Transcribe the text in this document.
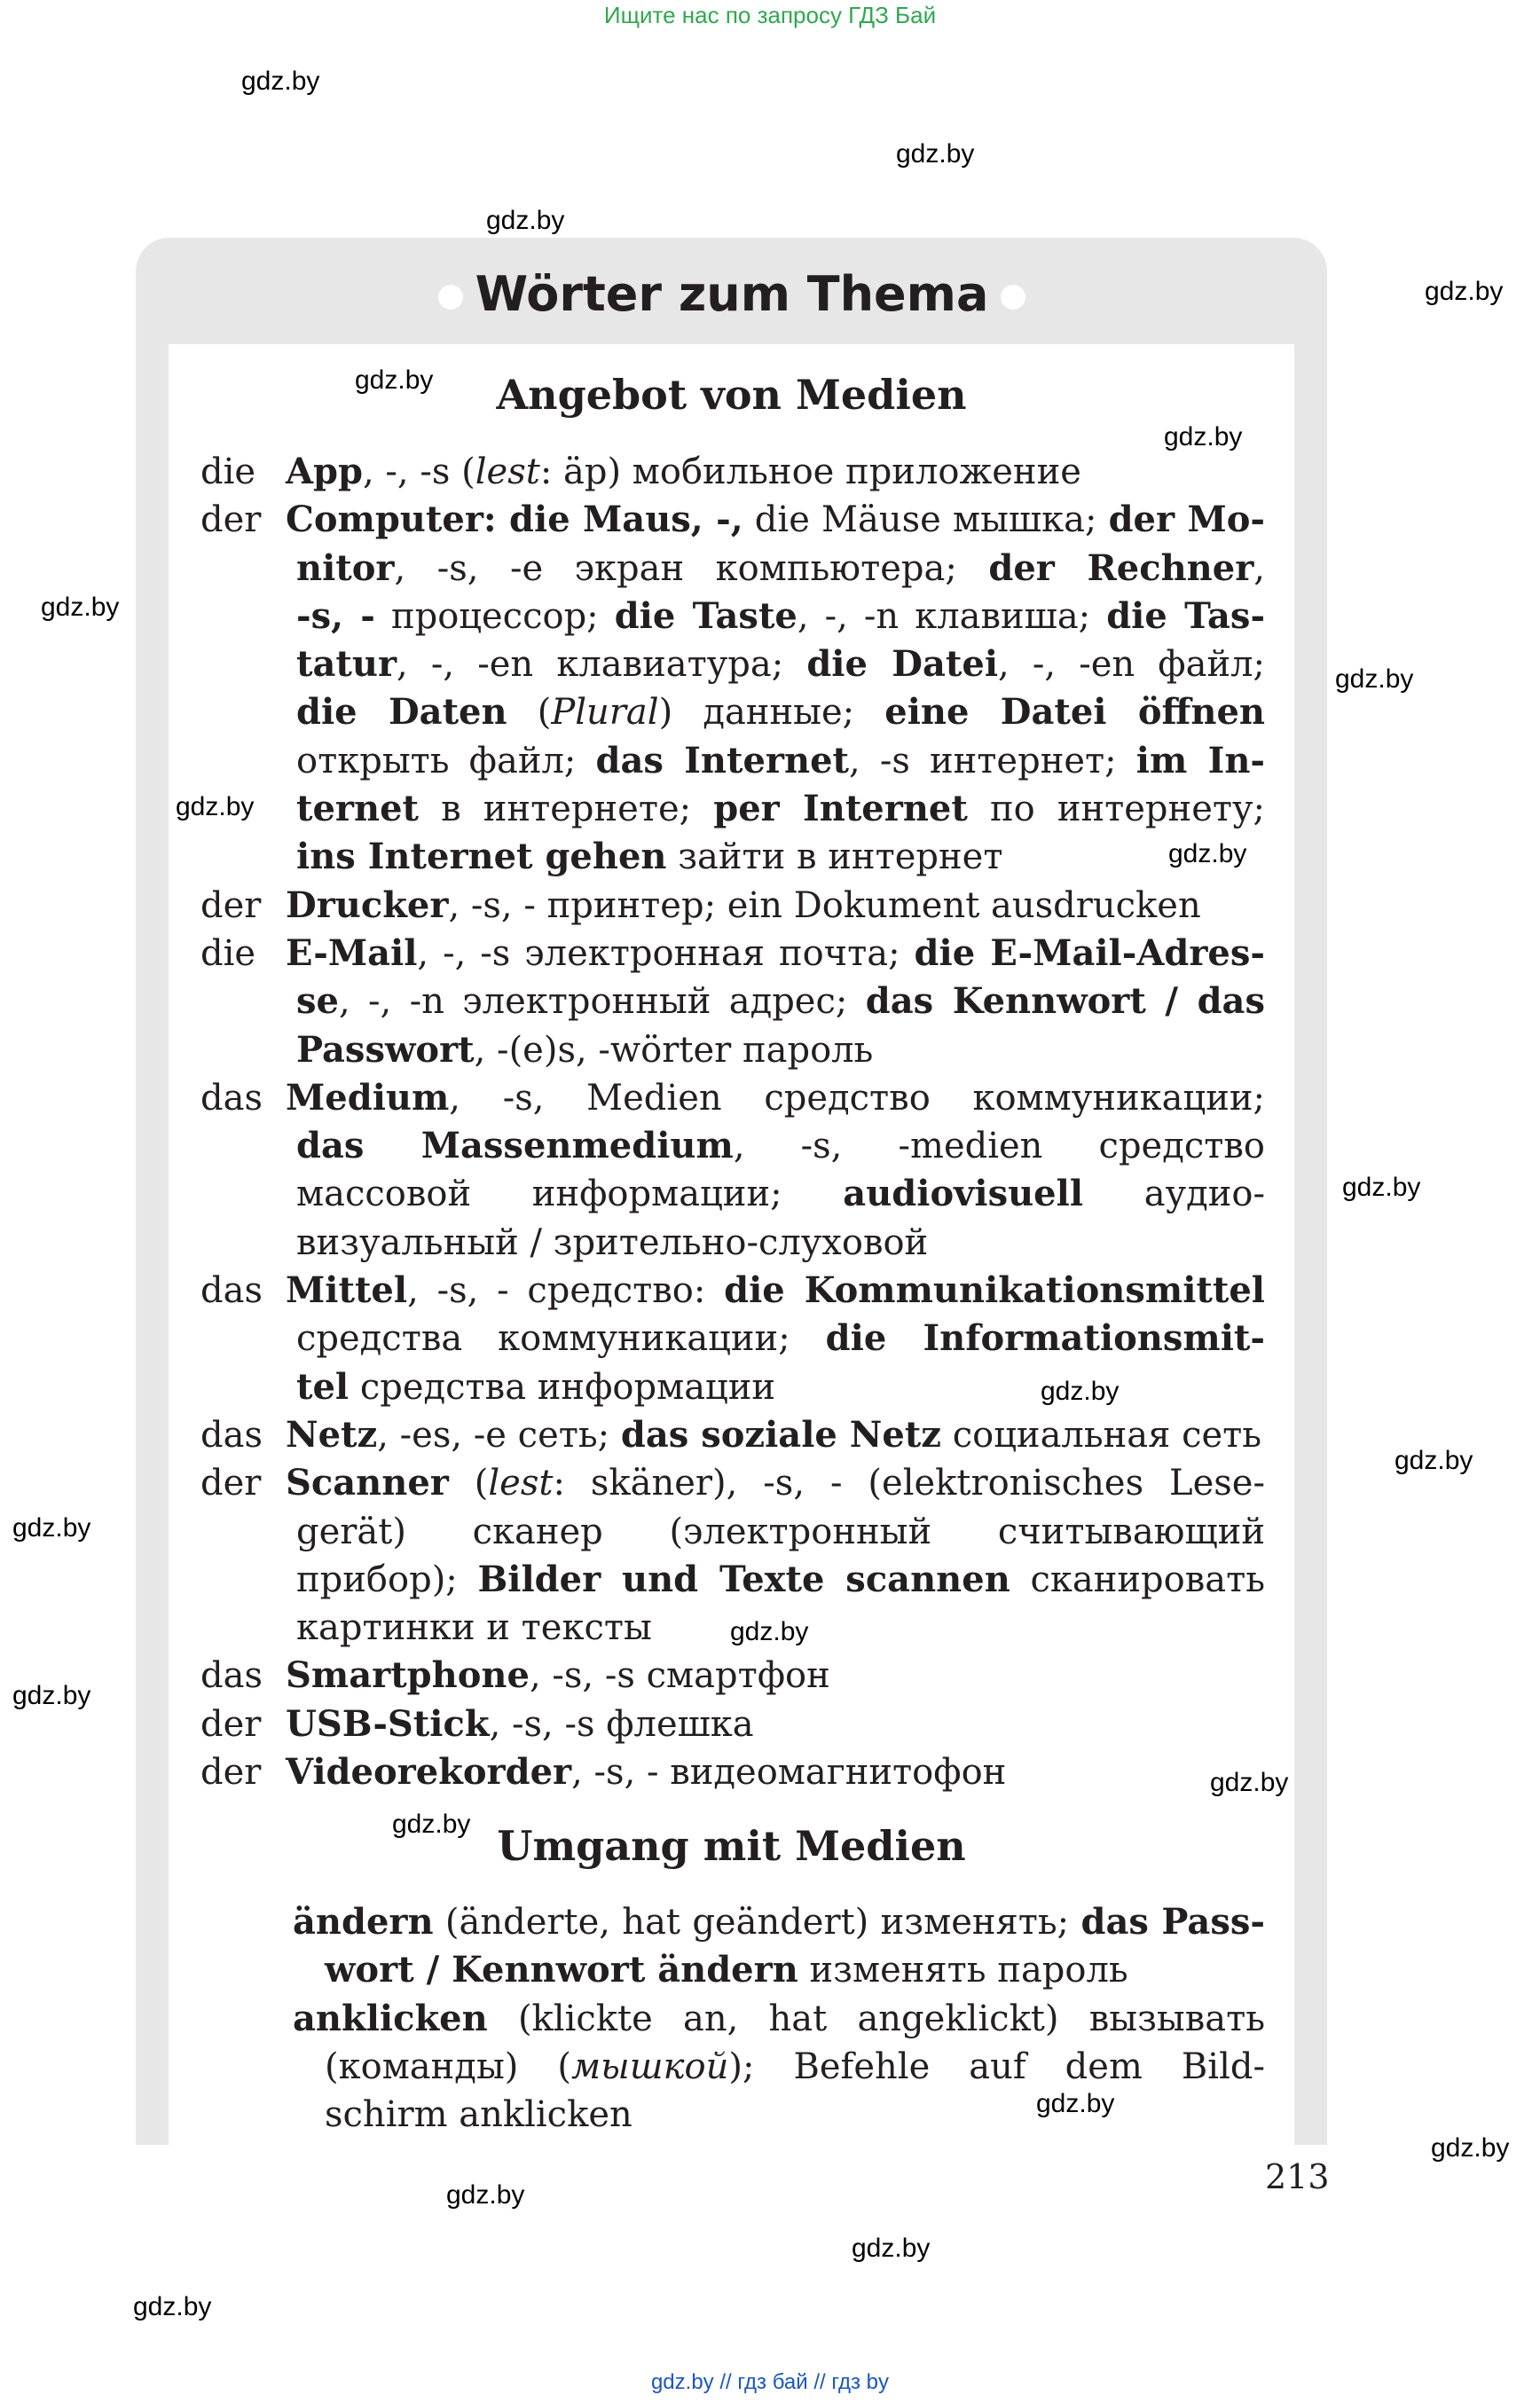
Ищите нас по запросу ГДЗ Бай
Wörter zum Thema
Angebot von Medien
die App, -, -s (lest: äp) мобильное приложение
der Computer: die Maus, -, die Mäuse мышка; der Mo-
nitor, -s, -e экран компьютера; der Rechner,
-s, - процессор; die Taste, -, -n клавиша; die Tas-
tatur, -, -en клавиатура; die Datei, -, -en файл;
die Daten (Plural) данные; eine Datei öffnen
открыть файл; das Internet, -s интернет; im In-
ternet в интернете; per Internet по интернету;
ins Internet gehen зайти в интернет
der Drucker, -s, - принтер; ein Dokument ausdrucken
die E-Mail, -, -s электронная почта; die E-Mail-Adres-
se, -, -n электронный адрес; das Kennwort / das
Passwort, -(e)s, -wörter пароль
das Medium, -s, Medien средство коммуникации;
das Massenmedium, -s, -medien средство
массовой информации; audiovisuell аудио-
визуальный / зрительно-слуховой
das Mittel, -s, - средство: die Kommunikationsmittel
средства коммуникации; die Informationsmit-
tel средства информации
das Netz, -es, -e сеть; das soziale Netz социальная сеть
der Scanner (lest: skäner), -s, - (elektronisches Lese-
gerät) сканер (электронный считывающий
прибор); Bilder und Texte scannen сканировать
картинки и тексты
das Smartphone, -s, -s смартфон
der USB-Stick, -s, -s флешка
der Videorekorder, -s, - видеомагнитофон
Umgang mit Medien
ändern (änderte, hat geändert) изменять; das Pass-
wort / Kennwort ändern изменять пароль
anklicken (klickte an, hat angeklickt) вызывать
(команды) (мышкой); Befehle auf dem Bild-
schirm anklicken
213
gdz.by
gdz.by
gdz.by
gdz.by
gdz.by
gdz.by
gdz.by
gdz.by
gdz.by
gdz.by
gdz.by
gdz.by
gdz.by
gdz.by
gdz.by
gdz.by
gdz.by
gdz.by
gdz.by
gdz.by
gdz.by
gdz.by
gdz.by
gdz.by // гдз бай // гдз by
